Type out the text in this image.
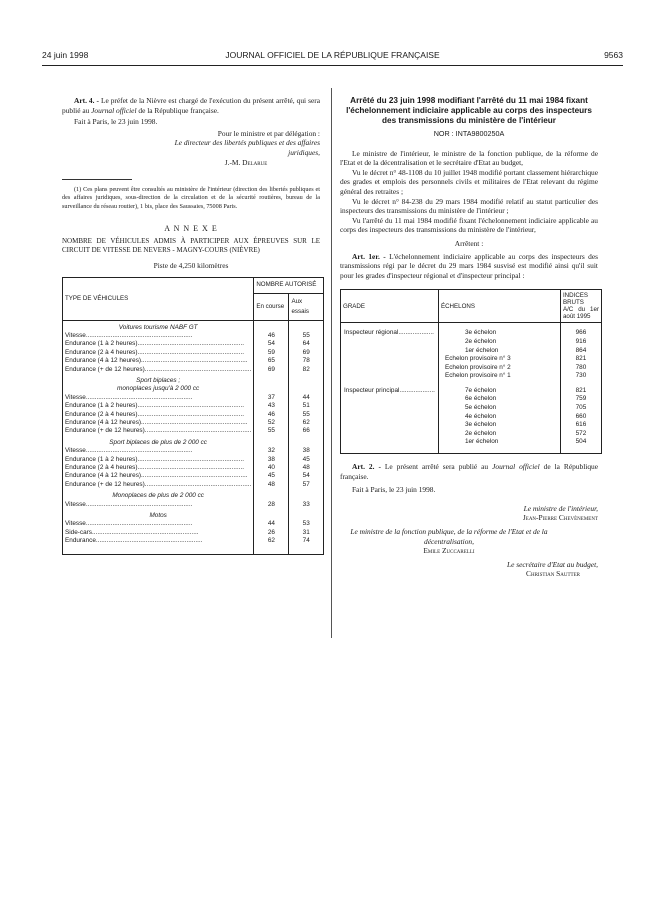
24 juin 1998	JOURNAL OFFICIEL DE LA RÉPUBLIQUE FRANÇAISE	9563

Art. 4. - Le préfet de la Nièvre est chargé de l'exécution du présent arrêté, qui sera publié au Journal officiel de la République française.

Fait à Paris, le 23 juin 1998.

Pour le ministre et par délégation :

Le directeur des libertés publiques et des affaires juridiques,

J.-M. Delarue

(1) Ces plans peuvent être consultés au ministère de l'intérieur (direction des libertés publiques et des affaires juridiques, sous-direction de la circulation et de la sécurité routières, bureau de la surveillance du réseau routier), 1 bis, place des Saussaies, 75008 Paris.

A N N E X E

NOMBRE DE VÉHICULES ADMIS À PARTICIPER AUX ÉPREUVES SUR LE CIRCUIT DE VITESSE DE NEVERS - MAGNY-COURS (NIÈVRE)

Piste de 4,250 kilomètres

TYPE DE VÉHICULES	NOMBRE AUTORISÉ	
	En course	Aux essais
Voitures tourisme NABF GT		
Vitesse............................................................	46	55
Endurance (1 à 2 heures)............................................................	54	64
Endurance (2 à 4 heures)............................................................	59	69
Endurance (4 à 12 heures)............................................................	65	78
Endurance (+ de 12 heures)............................................................	69	82
Sport biplaces ;		
monoplaces jusqu'à 2 000 cc		
Vitesse............................................................	37	44
Endurance (1 à 2 heures)............................................................	43	51
Endurance (2 à 4 heures)............................................................	46	55
Endurance (4 à 12 heures)............................................................	52	62
Endurance (+ de 12 heures)............................................................	55	66
Sport biplaces de plus de 2 000 cc		
Vitesse............................................................	32	38
Endurance (1 à 2 heures)............................................................	38	45
Endurance (2 à 4 heures)............................................................	40	48
Endurance (4 à 12 heures)............................................................	45	54
Endurance (+ de 12 heures)............................................................	48	57
Monoplaces de plus de 2 000 cc		
Vitesse............................................................	28	33
Motos		
Vitesse............................................................	44	53
Side-cars............................................................	26	31
Endurance............................................................	62	74

Arrêté du 23 juin 1998 modifiant l'arrêté du 11 mai 1984 fixant l'échelonnement indiciaire applicable au corps des inspecteurs des transmissions du ministère de l'intérieur

NOR : INTA9800250A

Le ministre de l'intérieur, le ministre de la fonction publique, de la réforme de l'Etat et de la décentralisation et le secrétaire d'Etat au budget,

Vu le décret n° 48-1108 du 10 juillet 1948 modifié portant classement hiérarchique des grades et emplois des personnels civils et militaires de l'Etat relevant du régime général des retraites ;

Vu le décret n° 84-238 du 29 mars 1984 modifié relatif au statut particulier des inspecteurs des transmissions du ministère de l'intérieur ;

Vu l'arrêté du 11 mai 1984 modifié fixant l'échelonnement indiciaire applicable au corps des inspecteurs des transmissions du ministère de l'intérieur,

Arrêtent :

Art. 1er. - L'échelonnement indiciaire applicable au corps des inspecteurs des transmissions régi par le décret du 29 mars 1984 susvisé est modifié ainsi qu'il suit pour les grades d'inspecteur régional et d'inspecteur principal :

GRADE	ÉCHELONS	INDICES BRUTS
A/C du 1er août 1995

Inspecteur régional....................	3e échelon	966
	2e échelon	916
	1er échelon	864
	Echelon provisoire n° 3	821
	Echelon provisoire n° 2	780
	Echelon provisoire n° 1	730

Inspecteur principal....................	7e échelon	821
	6e échelon	759
	5e échelon	705
	4e échelon	660
	3e échelon	616
	2e échelon	572
	1er échelon	504

Art. 2. - Le présent arrêté sera publié au Journal officiel de la République française.

Fait à Paris, le 23 juin 1998.

Le ministre de l'intérieur,

Jean-Pierre Chevènement

Le ministre de la fonction publique, de la réforme de l'Etat et de la décentralisation,

Emile Zuccarelli

Le secrétaire d'Etat au budget,

Christian Sautter
